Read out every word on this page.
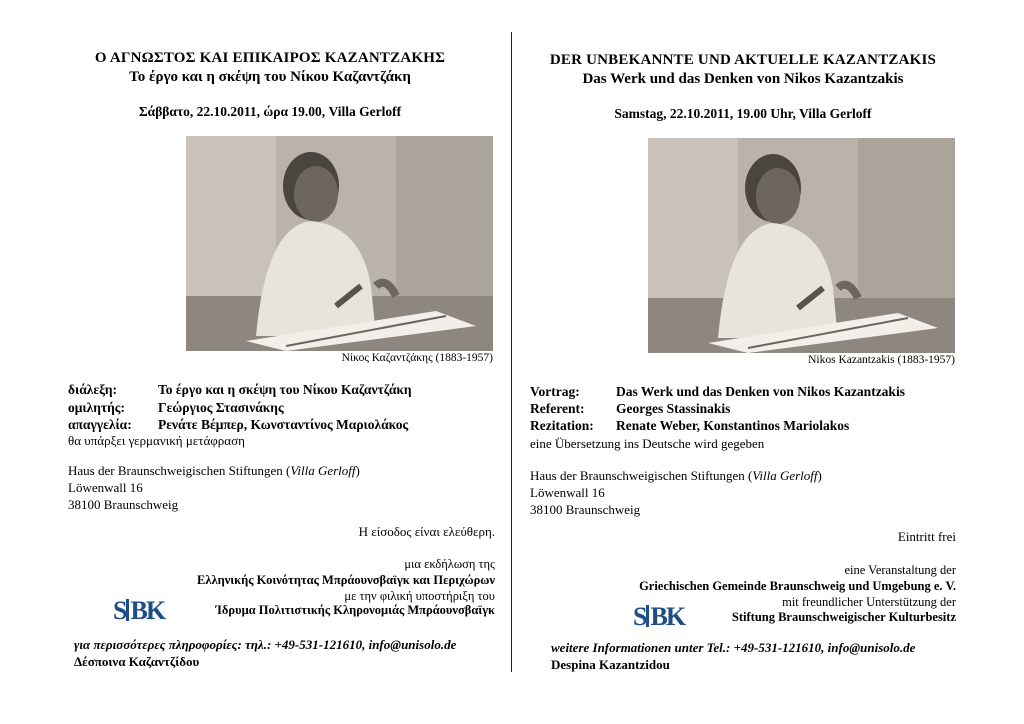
Ο ΑΓΝΩΣΤΟΣ ΚΑΙ ΕΠΙΚΑΙΡΟΣ ΚΑΖΑΝΤΖΑΚΗΣ
Το έργο και η σκέψη του Νίκου Καζαντζάκη
Σάββατο, 22.10.2011, ώρα 19.00, Villa Gerloff
Νίκος Καζαντζάκης (1883-1957)
διάλεξη:	Το έργο και η σκέψη του Νίκου Καζαντζάκη
ομιλητής: Γεώργιος Στασινάκης
απαγγελία: Ρενάτε Βέμπερ, Κωνσταντίνος Μαριολάκος
θα υπάρξει γερμανική μετάφραση
Haus der Braunschweigischen Stiftungen (Villa Gerloff)
Löwenwall 16
38100 Braunschweig
Η είσοδος είναι ελεύθερη.
μια εκδήλωση της
Ελληνικής Κοινότητας Μπράουνσβαϊγκ και Περιχώρων
με την φιλική υποστήριξη του
S BK	Ίδρυμα Πολιτιστικής Κληρονομιάς Μπράουνσβαϊγκ
για περισσότερες πληροφορίες: τηλ.: +49-531-121610, info@unisolo.de
Δέσποινα Καζαντζίδου
DER UNBEKANNTE UND AKTUELLE KAZANTZAKIS
Das Werk und das Denken von Nikos Kazantzakis
Samstag, 22.10.2011, 19.00 Uhr, Villa Gerloff
Nikos Kazantzakis (1883-1957)
Vortrag:	Das Werk und das Denken von Nikos Kazantzakis
Referent: Georges Stassinakis
Rezitation: Renate Weber, Konstantinos Mariolakos
eine Übersetzung ins Deutsche wird gegeben
Haus der Braunschweigischen Stiftungen (Villa Gerloff)
Löwenwall 16
38100 Braunschweig
Eintritt frei
eine Veranstaltung der
Griechischen Gemeinde Braunschweig und Umgebung e. V.
mit freundlicher Unterstützung der
S BK	Stiftung Braunschweigischer Kulturbesitz
weitere Informationen unter Tel.: +49-531-121610, info@unisolo.de
Despina Kazantzidou
